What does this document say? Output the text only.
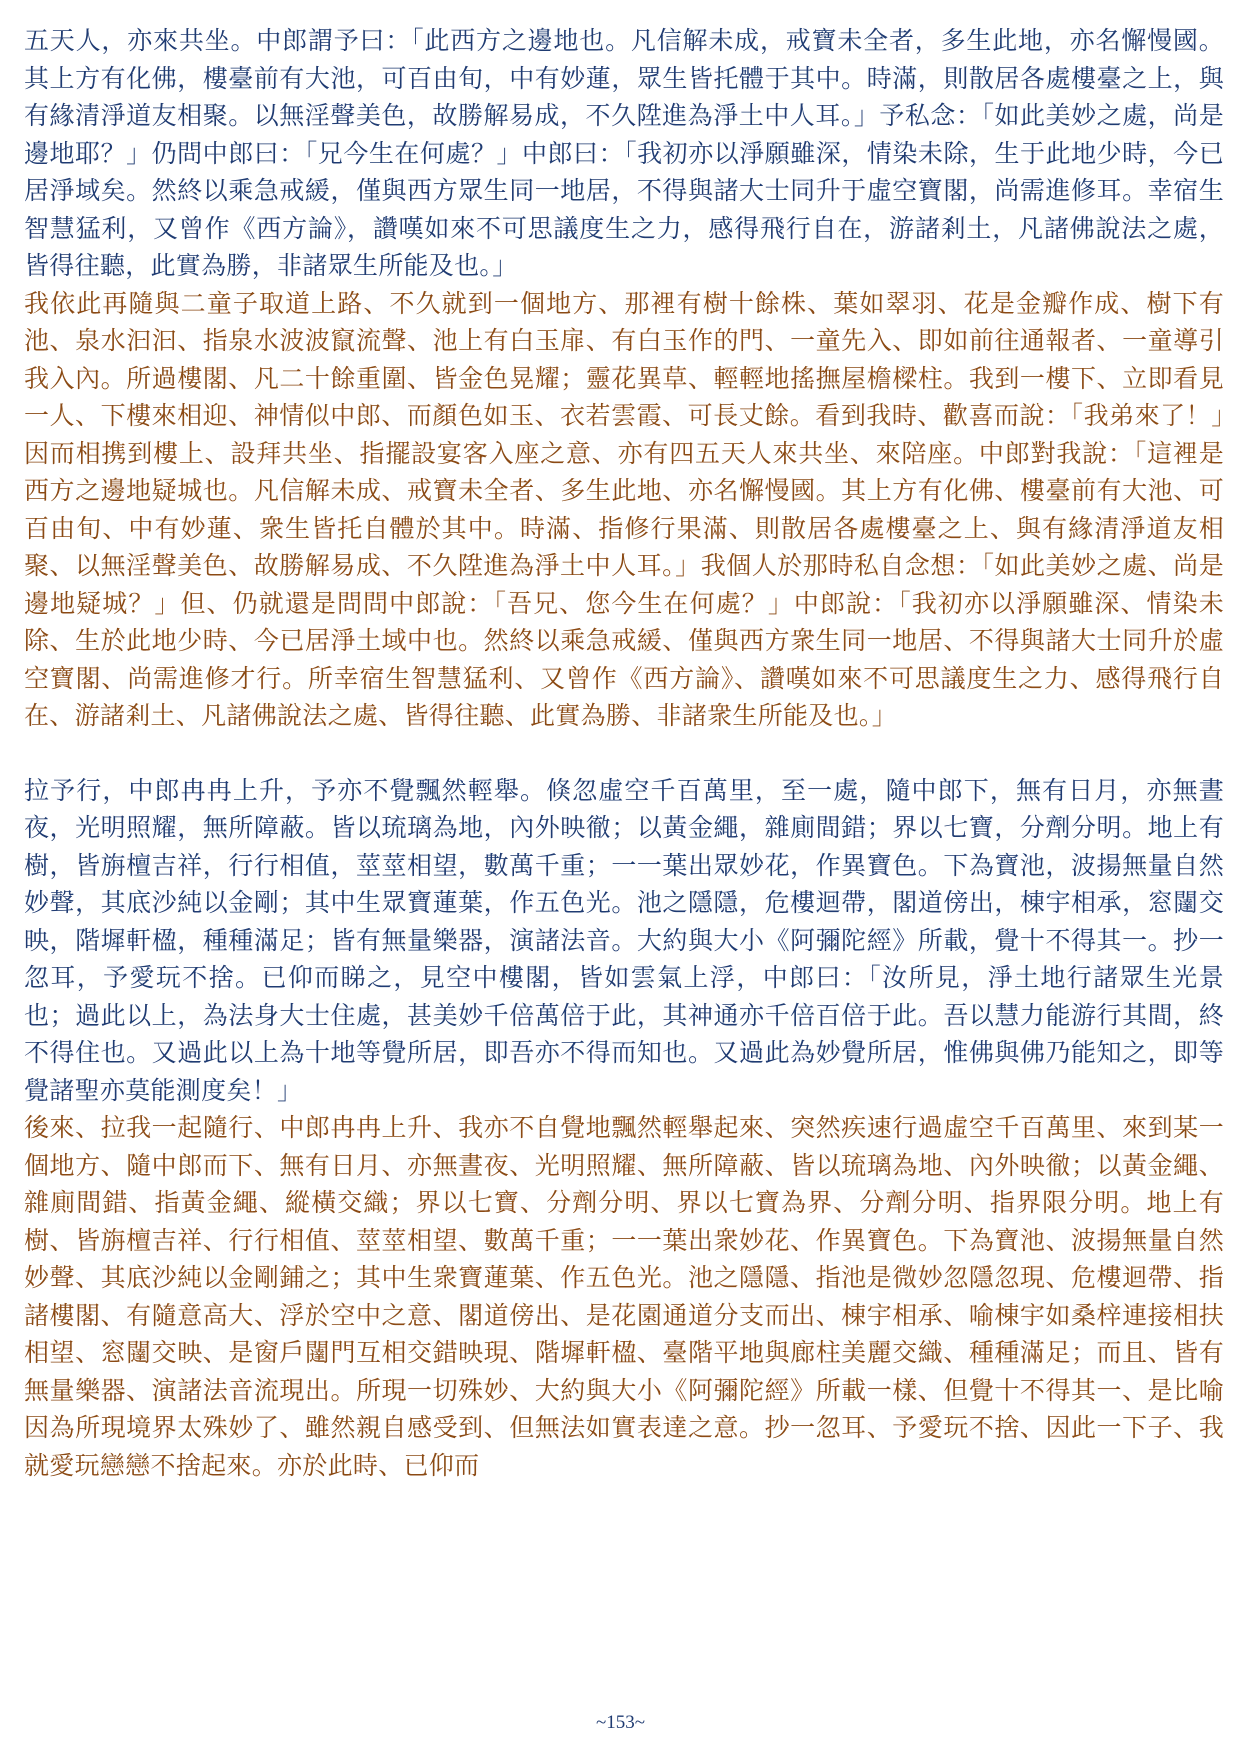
五天人，亦來共坐。中郎謂予曰：「此西方之邊地也。凡信解未成，戒寶未全者，多生此地，亦名懈慢國。其上方有化佛，樓臺前有大池，可百由旬，中有妙蓮，眾生皆托體于其中。時滿，則散居各處樓臺之上，與有緣清淨道友相聚。以無淫聲美色，故勝解易成，不久陞進為淨土中人耳。」予私念：「如此美妙之處，尚是邊地耶？」仍問中郎曰：「兄今生在何處？」中郎曰：「我初亦以淨願雖深，情染未除，生于此地少時，今已居淨域矣。然終以乘急戒緩，僅與西方眾生同一地居，不得與諸大士同升于虛空寶閣，尚需進修耳。幸宿生智慧猛利，又曾作《西方論》，讚嘆如來不可思議度生之力，感得飛行自在，游諸剎土，凡諸佛說法之處，皆得往聽，此實為勝，非諸眾生所能及也。」

我依此再隨與二童子取道上路、不久就到一個地方、那裡有樹十餘株、葉如翠羽、花是金瓣作成、樹下有池、泉水汩汩、指泉水波波竄流聲、池上有白玉扉、有白玉作的門、一童先入、即如前往通報者、一童導引我入內。所過樓閣、凡二十餘重圍、皆金色晃耀；靈花異草、輕輕地搖撫屋檐樑柱。我到一樓下、立即看見一人、下樓來相迎、神情似中郎、而顏色如玉、衣若雲霞、可長丈餘。看到我時、歡喜而說：「我弟來了！」因而相携到樓上、設拜共坐、指擺設宴客入座之意、亦有四五天人來共坐、來陪座。中郎對我說：「這裡是西方之邊地疑城也。凡信解未成、戒寶未全者、多生此地、亦名懈慢國。其上方有化佛、樓臺前有大池、可百由旬、中有妙蓮、衆生皆托自體於其中。時滿、指修行果滿、則散居各處樓臺之上、與有緣清淨道友相聚、以無淫聲美色、故勝解易成、不久陞進為淨土中人耳。」我個人於那時私自念想：「如此美妙之處、尚是邊地疑城？」但、仍就還是問問中郎說：「吾兄、您今生在何處？」中郎說：「我初亦以淨願雖深、情染未除、生於此地少時、今已居淨土域中也。然終以乘急戒緩、僅與西方衆生同一地居、不得與諸大士同升於虛空寶閣、尚需進修才行。所幸宿生智慧猛利、又曾作《西方論》、讚嘆如來不可思議度生之力、感得飛行自在、游諸剎土、凡諸佛說法之處、皆得往聽、此實為勝、非諸衆生所能及也。」

拉予行，中郎冉冉上升，予亦不覺飄然輕舉。倏忽虛空千百萬里，至一處，隨中郎下，無有日月，亦無晝夜，光明照耀，無所障蔽。皆以琉璃為地，內外映徹；以黃金繩，雜廁間錯；界以七寶，分劑分明。地上有樹，皆旃檀吉祥，行行相值，莖莖相望，數萬千重；一一葉出眾妙花，作異寶色。下為寶池，波揚無量自然妙聲，其底沙純以金剛；其中生眾寶蓮葉，作五色光。池之隱隱，危樓迴帶，閣道傍出，棟宇相承，窓闥交映，階墀軒楹，種種滿足；皆有無量樂器，演諸法音。大約與大小《阿彌陀經》所載，覺十不得其一。抄一忽耳，予愛玩不捨。已仰而睇之，見空中樓閣，皆如雲氣上浮，中郎曰：「汝所見，淨土地行諸眾生光景也；過此以上，為法身大士住處，甚美妙千倍萬倍于此，其神通亦千倍百倍于此。吾以慧力能游行其間，終不得住也。又過此以上為十地等覺所居，即吾亦不得而知也。又過此為妙覺所居，惟佛與佛乃能知之，即等覺諸聖亦莫能測度矣！」

後來、拉我一起隨行、中郎冉冉上升、我亦不自覺地飄然輕舉起來、突然疾速行過虛空千百萬里、來到某一個地方、隨中郎而下、無有日月、亦無晝夜、光明照耀、無所障蔽、皆以琉璃為地、內外映徹；以黃金繩、雜廁間錯、指黃金繩、縱橫交織；界以七寶、分劑分明、界以七寶為界、分劑分明、指界限分明。地上有樹、皆旃檀吉祥、行行相值、莖莖相望、數萬千重；一一葉出衆妙花、作異寶色。下為寶池、波揚無量自然妙聲、其底沙純以金剛鋪之；其中生衆寶蓮葉、作五色光。池之隱隱、指池是微妙忽隱忽現、危樓迴帶、指諸樓閣、有隨意高大、浮於空中之意、閣道傍出、是花園通道分支而出、棟宇相承、喻棟宇如桑梓連接相扶相望、窓闥交映、是窗戶闥門互相交錯映現、階墀軒楹、臺階平地與廊柱美麗交織、種種滿足；而且、皆有無量樂器、演諸法音流現出。所現一切殊妙、大約與大小《阿彌陀經》所載一樣、但覺十不得其一、是比喻因為所現境界太殊妙了、雖然親自感受到、但無法如實表達之意。抄一忽耳、予愛玩不捨、因此一下子、我就愛玩戀戀不捨起來。亦於此時、已仰而

~153~
